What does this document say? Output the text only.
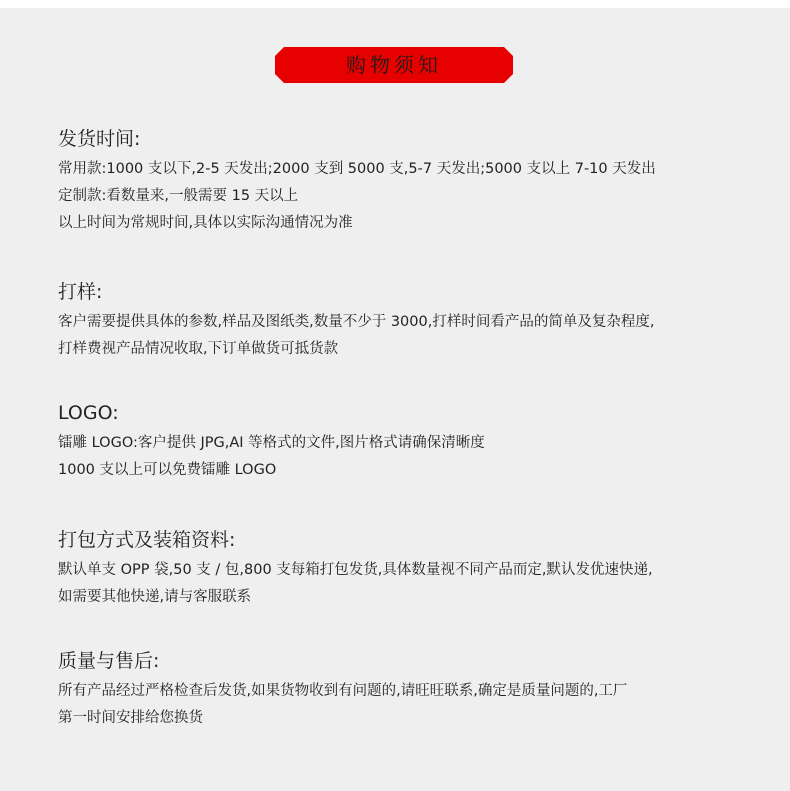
购物须知
发货时间:
常用款:1000 支以下,2-5 天发出;2000 支到 5000 支,5-7 天发出;5000 支以上 7-10 天发出
定制款:看数量来,一般需要 15 天以上
以上时间为常规时间,具体以实际沟通情况为准
打样:
客户需要提供具体的参数,样品及图纸类,数量不少于 3000,打样时间看产品的简单及复杂程度,
打样费视产品情况收取,下订单做货可抵货款
LOGO:
镭雕 LOGO:客户提供 JPG,AI 等格式的文件,图片格式请确保清晰度
1000 支以上可以免费镭雕 LOGO
打包方式及装箱资料:
默认单支 OPP 袋,50 支 / 包,800 支每箱打包发货,具体数量视不同产品而定,默认发优速快递,
如需要其他快递,请与客服联系
质量与售后:
所有产品经过严格检查后发货,如果货物收到有问题的,请旺旺联系,确定是质量问题的,工厂
第一时间安排给您换货
